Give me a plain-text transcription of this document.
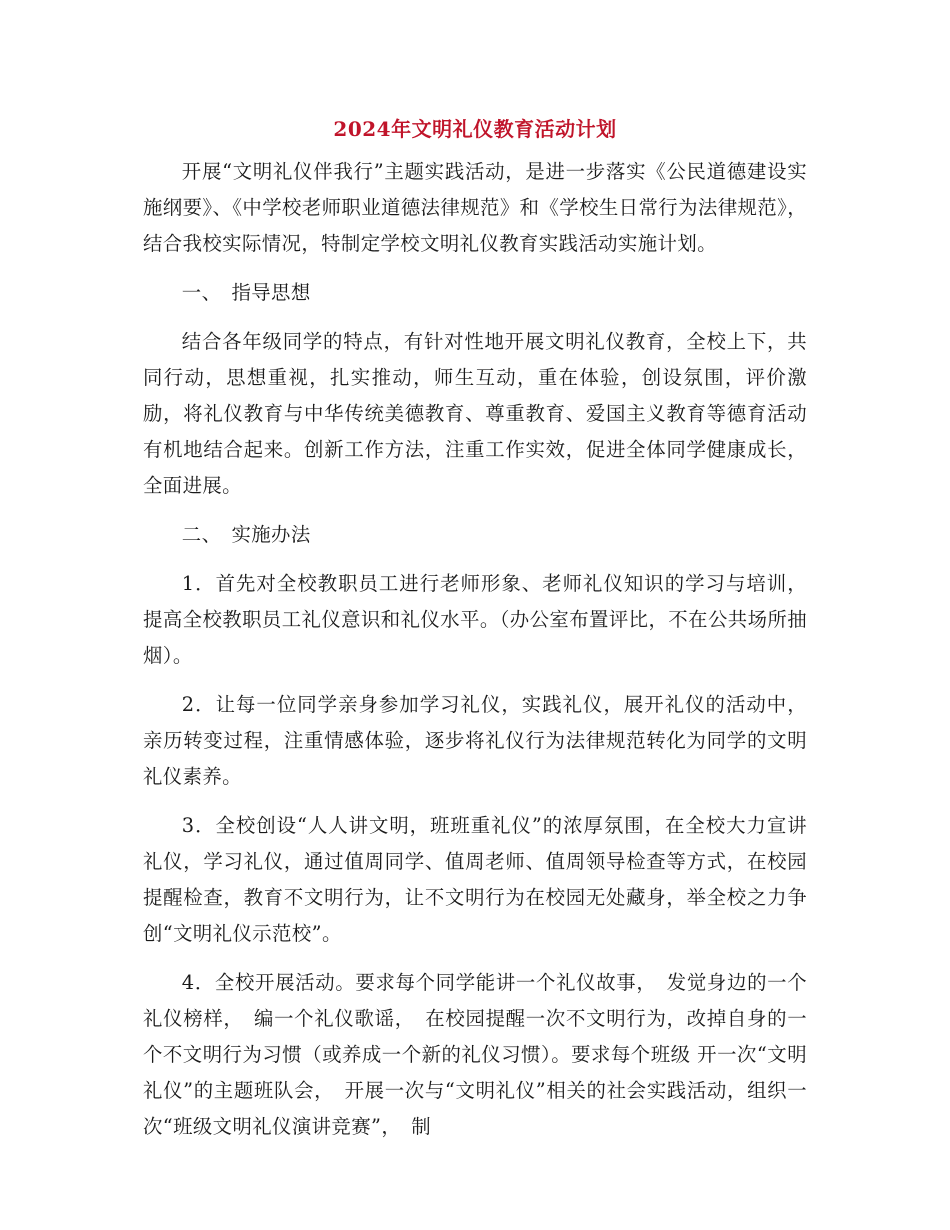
2024年文明礼仪教育活动计划

开展“文明礼仪伴我行”主题实践活动，是进一步落实《公民道德建设实施纲要》、《中学校老师职业道德法律规范》和《学校生日常行为法律规范》，结合我校实际情况，特制定学校文明礼仪教育实践活动实施计划。

一、　指导思想

结合各年级同学的特点，有针对性地开展文明礼仪教育，全校上下，共同行动，思想重视，扎实推动，师生互动，重在体验，创设氛围，评价激励，将礼仪教育与中华传统美德教育、尊重教育、爱国主义教育等德育活动有机地结合起来。创新工作方法，注重工作实效，促进全体同学健康成长，全面进展。

二、　实施办法

1．首先对全校教职员工进行老师形象、老师礼仪知识的学习与培训，提高全校教职员工礼仪意识和礼仪水平。（办公室布置评比，不在公共场所抽烟）。

2．让每一位同学亲身参加学习礼仪，实践礼仪，展开礼仪的活动中，亲历转变过程，注重情感体验，逐步将礼仪行为法律规范转化为同学的文明礼仪素养。

3．全校创设“人人讲文明，班班重礼仪”的浓厚氛围，在全校大力宣讲礼仪，学习礼仪，通过值周同学、值周老师、值周领导检查等方式，在校园提醒检查，教育不文明行为，让不文明行为在校园无处藏身，举全校之力争创“文明礼仪示范校”。

4．全校开展活动。要求每个同学能讲一个礼仪故事，　发觉身边的一个礼仪榜样，　编一个礼仪歌谣，　在校园提醒一次不文明行为，改掉自身的一个不文明行为习惯（或养成一个新的礼仪习惯）。要求每个班级 开一次“文明礼仪”的主题班队会，　开展一次与“文明礼仪”相关的社会实践活动，组织一次“班级文明礼仪演讲竞赛”，　制
